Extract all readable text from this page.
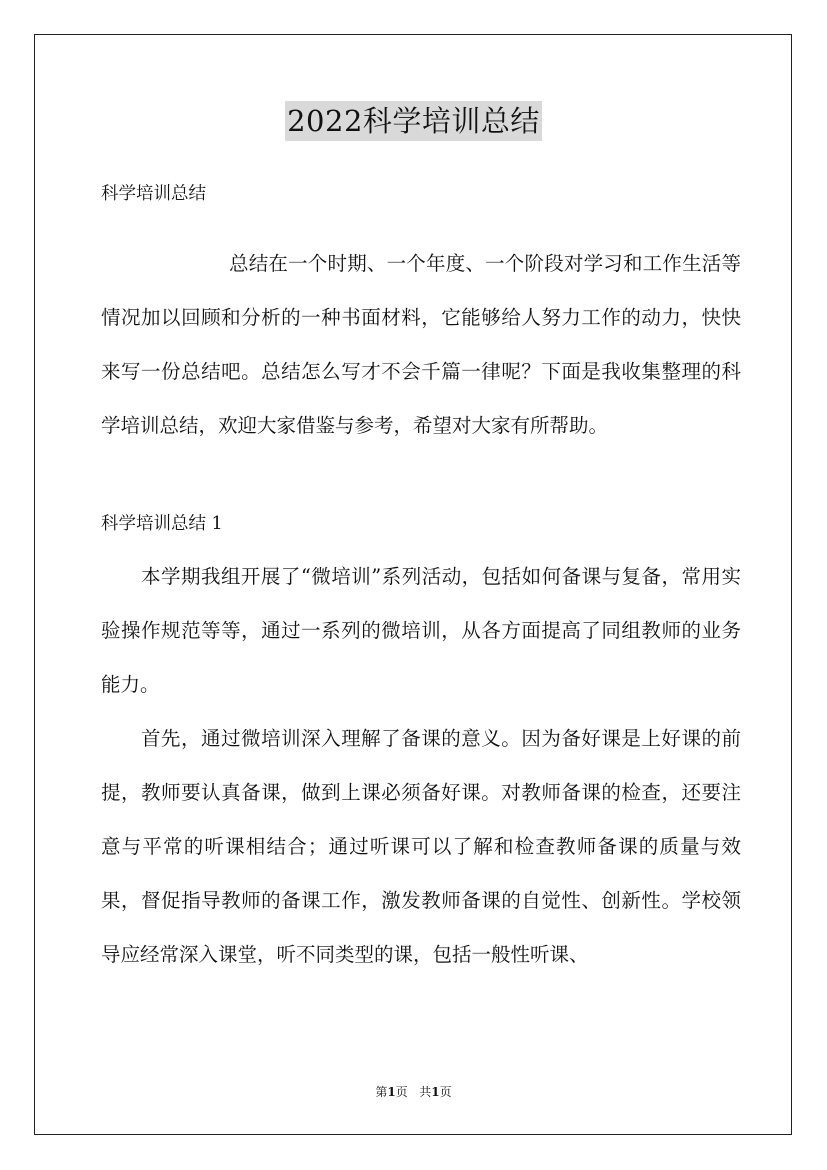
2022科学培训总结
科学培训总结

总结在一个时期、一个年度、一个阶段对学习和工作生活等情况加以回顾和分析的一种书面材料，它能够给人努力工作的动力，快快来写一份总结吧。总结怎么写才不会千篇一律呢？下面是我收集整理的科学培训总结，欢迎大家借鉴与参考，希望对大家有所帮助。

科学培训总结 1

本学期我组开展了“微培训”系列活动，包括如何备课与复备，常用实验操作规范等等，通过一系列的微培训，从各方面提高了同组教师的业务能力。

首先，通过微培训深入理解了备课的意义。因为备好课是上好课的前提，教师要认真备课，做到上课必须备好课。对教师备课的检查，还要注意与平常的听课相结合；通过听课可以了解和检查教师备课的质量与效果，督促指导教师的备课工作，激发教师备课的自觉性、创新性。学校领导应经常深入课堂，听不同类型的课，包括一般性听课、

第1页 共1页
